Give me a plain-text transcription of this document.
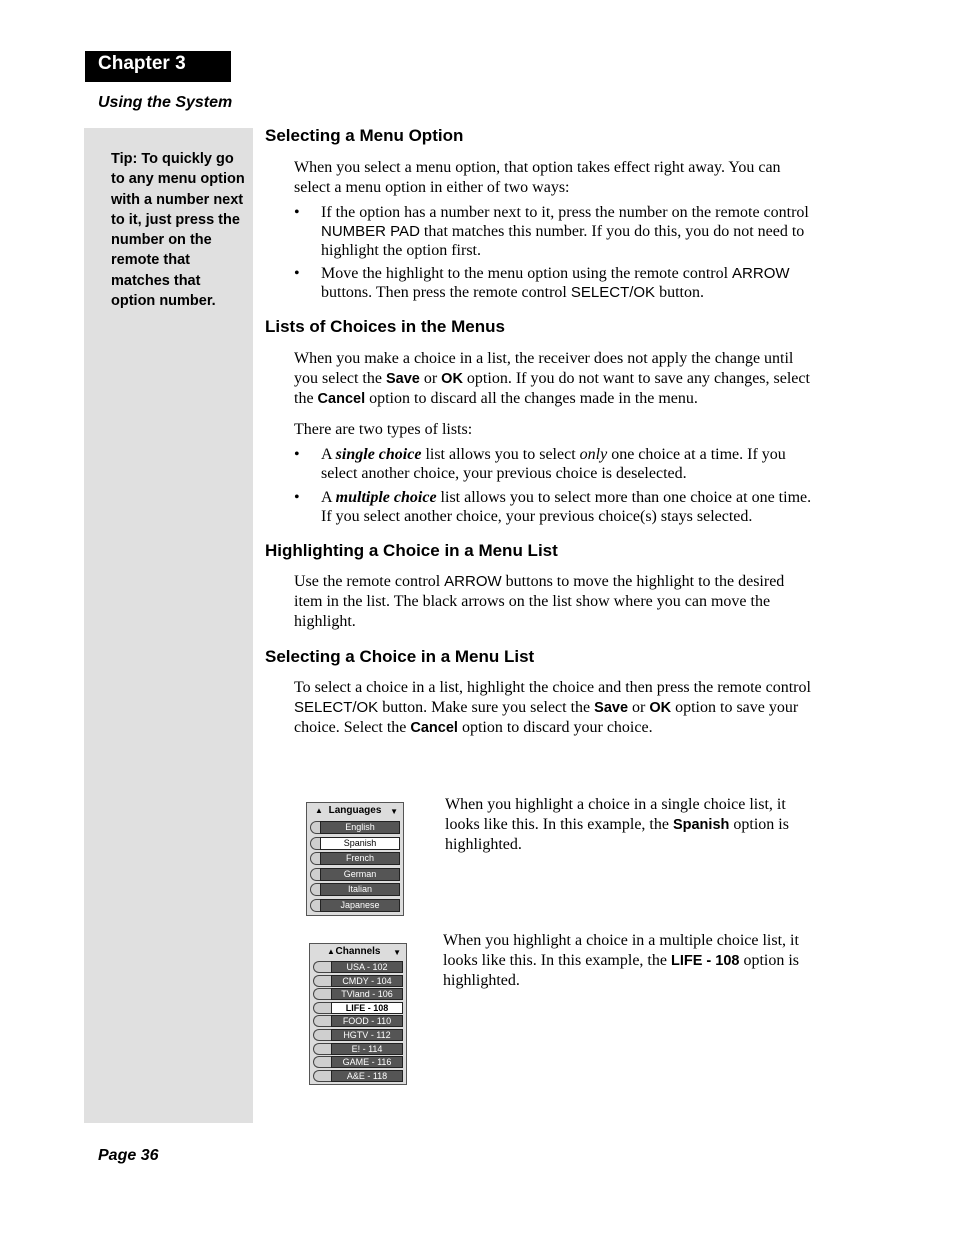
Chapter 3
Using the System

Tip: To quickly go to any menu option with a number next to it, just press the number on the remote that matches that option number.

Selecting a Menu Option

When you select a menu option, that option takes effect right away. You can select a menu option in either of two ways:

• If the option has a number next to it, press the number on the remote control NUMBER PAD that matches this number. If you do this, you do not need to highlight the option first.
• Move the highlight to the menu option using the remote control ARROW buttons. Then press the remote control SELECT/OK button.
Lists of Choices in the Menus

When you make a choice in a list, the receiver does not apply the change until you select the Save or OK option. If you do not want to save any changes, select the Cancel option to discard all the changes made in the menu.

There are two types of lists:

• A single choice list allows you to select only one choice at a time. If you select another choice, your previous choice is deselected.
• A multiple choice list allows you to select more than one choice at one time. If you select another choice, your previous choice(s) stays selected.
Highlighting a Choice in a Menu List

Use the remote control ARROW buttons to move the highlight to the desired item in the list. The black arrows on the list show where you can move the highlight.

Selecting a Choice in a Menu List

To select a choice in a list, highlight the choice and then press the remote control SELECT/OK button. Make sure you select the Save or OK option to save your choice. Select the Cancel option to discard your choice.

▲ Languages ▼
English
Spanish
French
German
Italian
Japanese
When you highlight a choice in a single choice list, it looks like this. In this example, the Spanish option is highlighted.
▲ Channels ▼
USA - 102
CMDY - 104
TVland - 106
LIFE - 108
FOOD - 110
HGTV - 112
E! - 114
GAME - 116
A&E - 118
When you highlight a choice in a multiple choice list, it looks like this. In this example, the LIFE - 108 option is highlighted.
Page 36
